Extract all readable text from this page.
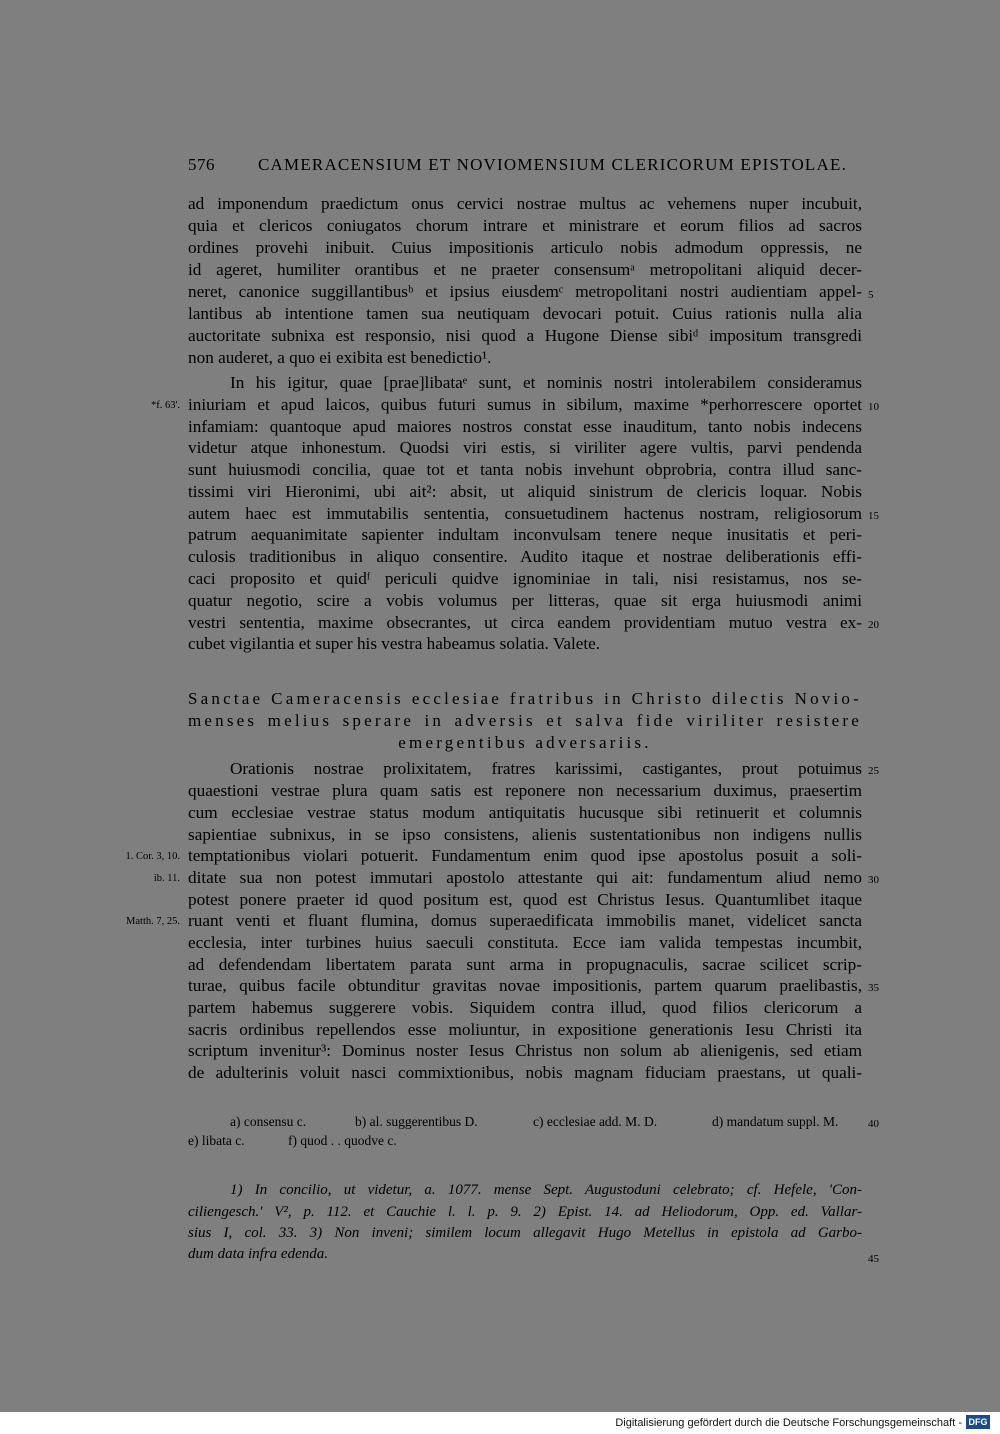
576	CAMERACENSIUM ET NOVIOMENSIUM CLERICORUM EPISTOLAE.
ad imponendum praedictum onus cervici nostrae multus ac vehemens nuper incubuit,
quia et clericos coniugatos chorum intrare et ministrare et eorum filios ad sacros
ordines provehi inibuit. Cuius impositionis articulo nobis admodum oppressis, ne
id ageret, humiliter orantibus et ne praeter consensumᵃ metropolitani aliquid decer-
neret, canonice suggillantibusᵇ et ipsius eiusdemᶜ metropolitani nostri audientiam appel-
lantibus ab intentione tamen sua neutiquam devocari potuit. Cuius rationis nulla alia
auctoritate subnixa est responsio, nisi quod a Hugone Diense sibiᵈ impositum transgredi
non auderet, a quo ei exibita est benedictio¹.
In his igitur, quae [prae]libataᵉ sunt, et nominis nostri intolerabilem consideramus
iniuriam et apud laicos, quibus futuri sumus in sibilum, maxime *perhorrescere oportet
infamiam: quantoque apud maiores nostros constat esse inauditum, tanto nobis indecens
videtur atque inhonestum. Quodsi viri estis, si viriliter agere vultis, parvi pendenda
sunt huiusmodi concilia, quae tot et tanta nobis invehunt obprobria, contra illud sanc-
tissimi viri Hieronimi, ubi ait²: absit, ut aliquid sinistrum de clericis loquar. Nobis
autem haec est immutabilis sententia, consuetudinem hactenus nostram, religiosorum
patrum aequanimitate sapienter indultam inconvulsam tenere neque inusitatis et peri-
culosis traditionibus in aliquo consentire. Audito itaque et nostrae deliberationis effi-
caci proposito et quidᶠ periculi quidve ignominiae in tali, nisi resistamus, nos se-
quatur negotio, scire a vobis volumus per litteras, quae sit erga huiusmodi animi
vestri sententia, maxime obsecrantes, ut circa eandem providentiam mutuo vestra ex-
cubet vigilantia et super his vestra habeamus solatia. Valete.
Sanctae Cameracensis ecclesiae fratribus in Christo dilectis Novio-
menses melius sperare in adversis et salva fide viriliter resistere
emergentibus adversariis.
Orationis nostrae prolixitatem, fratres karissimi, castigantes, prout potuimus
quaestioni vestrae plura quam satis est reponere non necessarium duximus, praesertim
cum ecclesiae vestrae status modum antiquitatis hucusque sibi retinuerit et columnis
sapientiae subnixus, in se ipso consistens, alienis sustentationibus non indigens nullis
temptationibus violari potuerit. Fundamentum enim quod ipse apostolus posuit a soli-
ditate sua non potest immutari apostolo attestante qui ait: fundamentum aliud nemo
potest ponere praeter id quod positum est, quod est Christus Iesus. Quantumlibet itaque
ruant venti et fluant flumina, domus superaedificata immobilis manet, videlicet sancta
ecclesia, inter turbines huius saeculi constituta. Ecce iam valida tempestas incumbit,
ad defendendam libertatem parata sunt arma in propugnaculis, sacrae scilicet scrip-
turae, quibus facile obtunditur gravitas novae impositionis, partem quarum praelibastis,
partem habemus suggerere vobis. Siquidem contra illud, quod filios clericorum a
sacris ordinibus repellendos esse moliuntur, in expositione generationis Iesu Christi ita
scriptum invenitur³: Dominus noster Iesus Christus non solum ab alienigenis, sed etiam
de adulterinis voluit nasci commixtionibus, nobis magnam fiduciam praestans, ut quali-
5
10
15
20
25
30
35
40
45
*f. 63'.
1. Cor. 3, 10.
ib. 11.
Matth. 7, 25.
a) consensu c.	b) al. suggerentibus D.	c) ecclesiae add. M. D.	d) mandatum suppl. M.
e) libata c.	f) quod . . quodve c.
1) In concilio, ut videtur, a. 1077. mense Sept. Augustoduni celebrato; cf. Hefele, 'Con-
ciliengesch.' V², p. 112. et Cauchie l. l. p. 9. 2) Epist. 14. ad Heliodorum, Opp. ed. Vallar-
sius I, col. 33. 3) Non inveni; similem locum allegavit Hugo Metellus in epistola ad Garbo-
dum data infra edenda.
Digitalisierung gefördert durch die Deutsche Forschungsgemeinschaft - DFG
